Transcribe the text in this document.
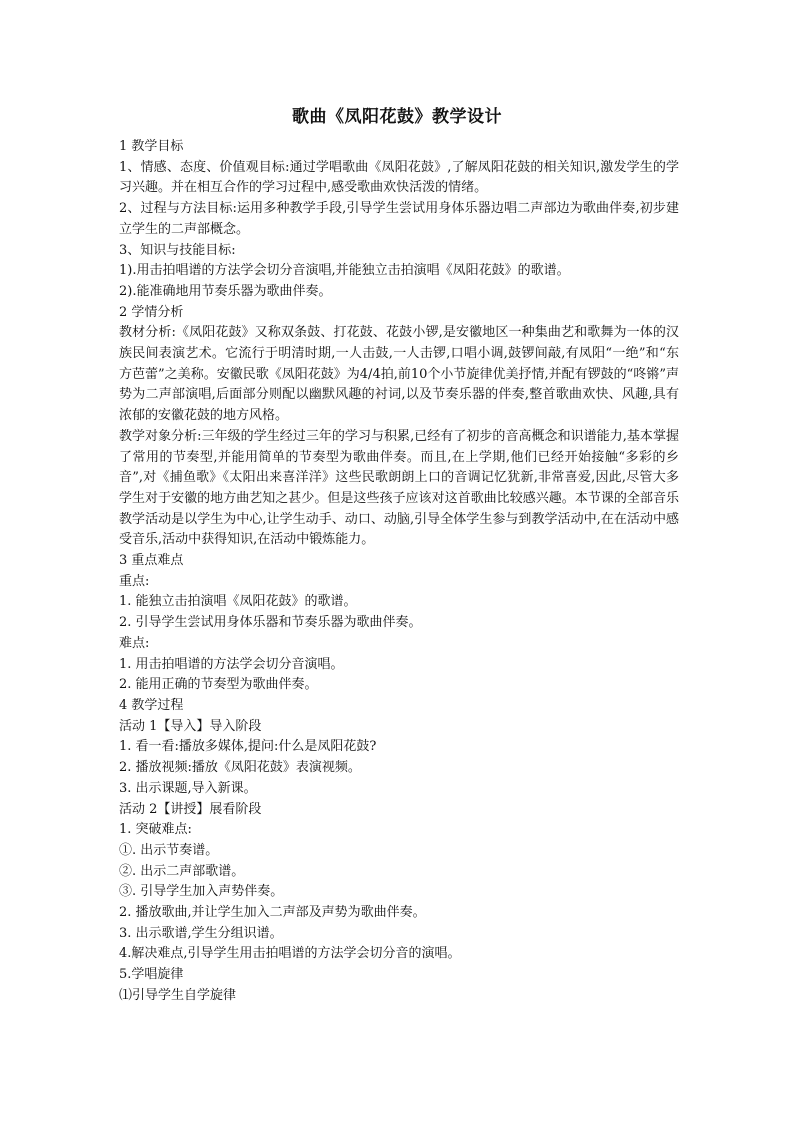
歌曲《凤阳花鼓》教学设计

1 教学目标

1、情感、态度、价值观目标:通过学唱歌曲《凤阳花鼓》,了解凤阳花鼓的相关知识,激发学生的学习兴趣。并在相互合作的学习过程中,感受歌曲欢快活泼的情绪。

2、过程与方法目标:运用多种教学手段,引导学生尝试用身体乐器边唱二声部边为歌曲伴奏,初步建立学生的二声部概念。

3、知识与技能目标:

1).用击拍唱谱的方法学会切分音演唱,并能独立击拍演唱《凤阳花鼓》的歌谱。

2).能准确地用节奏乐器为歌曲伴奏。

2 学情分析

教材分析:《凤阳花鼓》又称双条鼓、打花鼓、花鼓小锣,是安徽地区一种集曲艺和歌舞为一体的汉族民间表演艺术。它流行于明清时期,一人击鼓,一人击锣,口唱小调,鼓锣间敲,有凤阳“一绝”和“东方芭蕾”之美称。安徽民歌《凤阳花鼓》为4/4拍,前10个小节旋律优美抒情,并配有锣鼓的“咚锵”声势为二声部演唱,后面部分则配以幽默风趣的衬词,以及节奏乐器的伴奏,整首歌曲欢快、风趣,具有浓郁的安徽花鼓的地方风格。

教学对象分析:三年级的学生经过三年的学习与积累,已经有了初步的音高概念和识谱能力,基本掌握了常用的节奏型,并能用简单的节奏型为歌曲伴奏。而且,在上学期,他们已经开始接触“多彩的乡音”,对《捕鱼歌》《太阳出来喜洋洋》这些民歌朗朗上口的音调记忆犹新,非常喜爱,因此,尽管大多学生对于安徽的地方曲艺知之甚少。但是这些孩子应该对这首歌曲比较感兴趣。本节课的全部音乐教学活动是以学生为中心,让学生动手、动口、动脑,引导全体学生参与到教学活动中,在在活动中感受音乐,活动中获得知识,在活动中锻炼能力。

3 重点难点

重点:

1. 能独立击拍演唱《凤阳花鼓》的歌谱。

2. 引导学生尝试用身体乐器和节奏乐器为歌曲伴奏。

难点:

1. 用击拍唱谱的方法学会切分音演唱。

2. 能用正确的节奏型为歌曲伴奏。

4 教学过程

活动 1【导入】导入阶段

1. 看一看:播放多媒体,提问:什么是凤阳花鼓?

2. 播放视频:播放《凤阳花鼓》表演视频。

3. 出示课题,导入新课。

活动 2【讲授】展看阶段

1. 突破难点:

①. 出示节奏谱。

②. 出示二声部歌谱。

③. 引导学生加入声势伴奏。

2. 播放歌曲,并让学生加入二声部及声势为歌曲伴奏。

3. 出示歌谱,学生分组识谱。

4.解决难点,引导学生用击拍唱谱的方法学会切分音的演唱。

5.学唱旋律

⑴引导学生自学旋律
